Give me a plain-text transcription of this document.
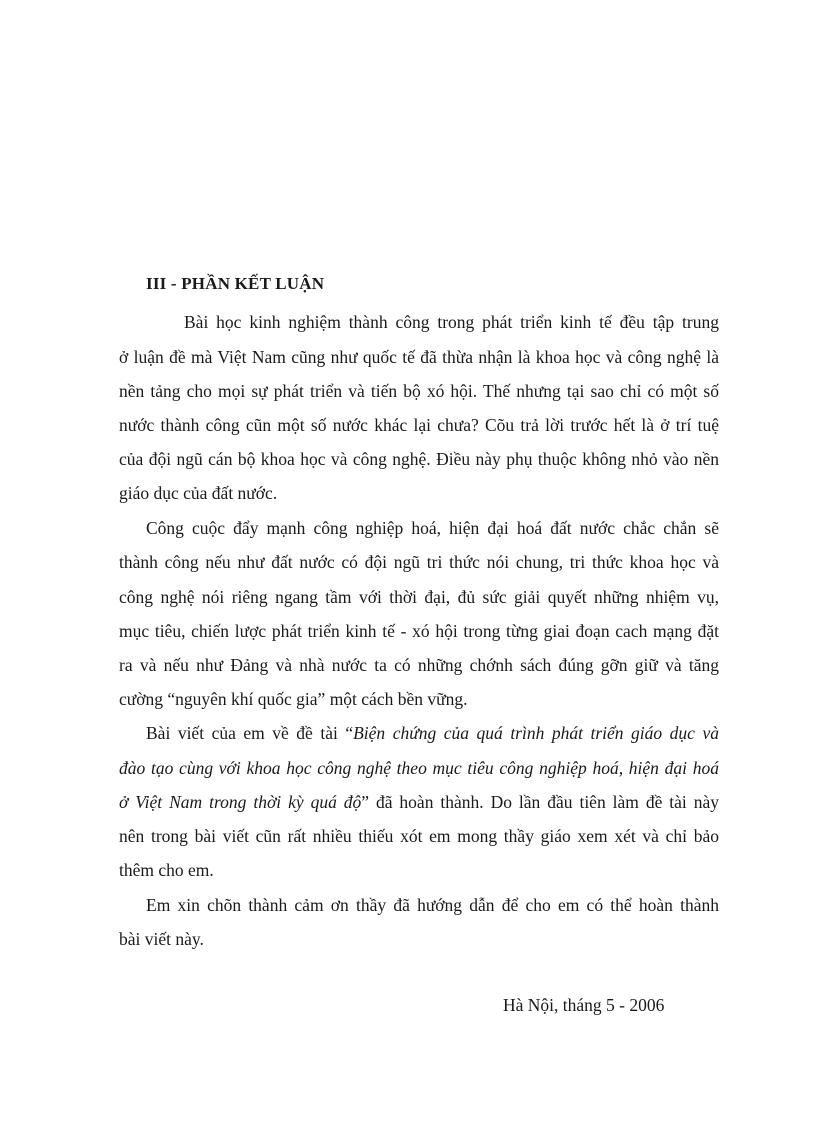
III - PHẦN KẾT LUẬN
Bài học kinh nghiệm thành công trong phát triển kinh tế đều tập trung
ở luận đề mà Việt Nam cũng như quốc tế đã thừa nhận là khoa học và công nghệ là
nền tảng cho mọi sự phát triển và tiến bộ xó hội. Thế nhưng tại sao chỉ có một số
nước thành công cũn một số nước khác lại chưa? Cõu trả lời trước hết là ở trí tuệ
của đội ngũ cán bộ khoa học và công nghệ. Điều này phụ thuộc không nhỏ vào nền
giáo dục của đất nước.
Công cuộc đẩy mạnh công nghiệp hoá, hiện đại hoá đất nước chắc chắn sẽ
thành công nếu như đất nước có đội ngũ tri thức nói chung, tri thức khoa học và
công nghệ nói riêng ngang tầm với thời đại, đủ sức giải quyết những nhiệm vụ,
mục tiêu, chiến lược phát triển kinh tế - xó hội trong từng giai đoạn cach mạng đặt
ra và nếu như Đảng và nhà nước ta có những chớnh sách đúng gỡn giữ và tăng
cường “nguyên khí quốc gia” một cách bền vững.
Bài viết của em về đề tài “Biện chứng của quá trình phát triển giáo dục và
đào tạo cùng với khoa học công nghệ theo mục tiêu công nghiệp hoá, hiện đại hoá
ở Việt Nam trong thời kỳ quá độ” đã hoàn thành. Do lần đầu tiên làm đề tài này
nên trong bài viết cũn rất nhiều thiếu xót em mong thầy giáo xem xét và chỉ bảo
thêm cho em.
Em xin chõn thành cảm ơn thầy đã hướng dẫn để cho em có thể hoàn thành
bài viết này.
Hà Nội, tháng 5 - 2006
